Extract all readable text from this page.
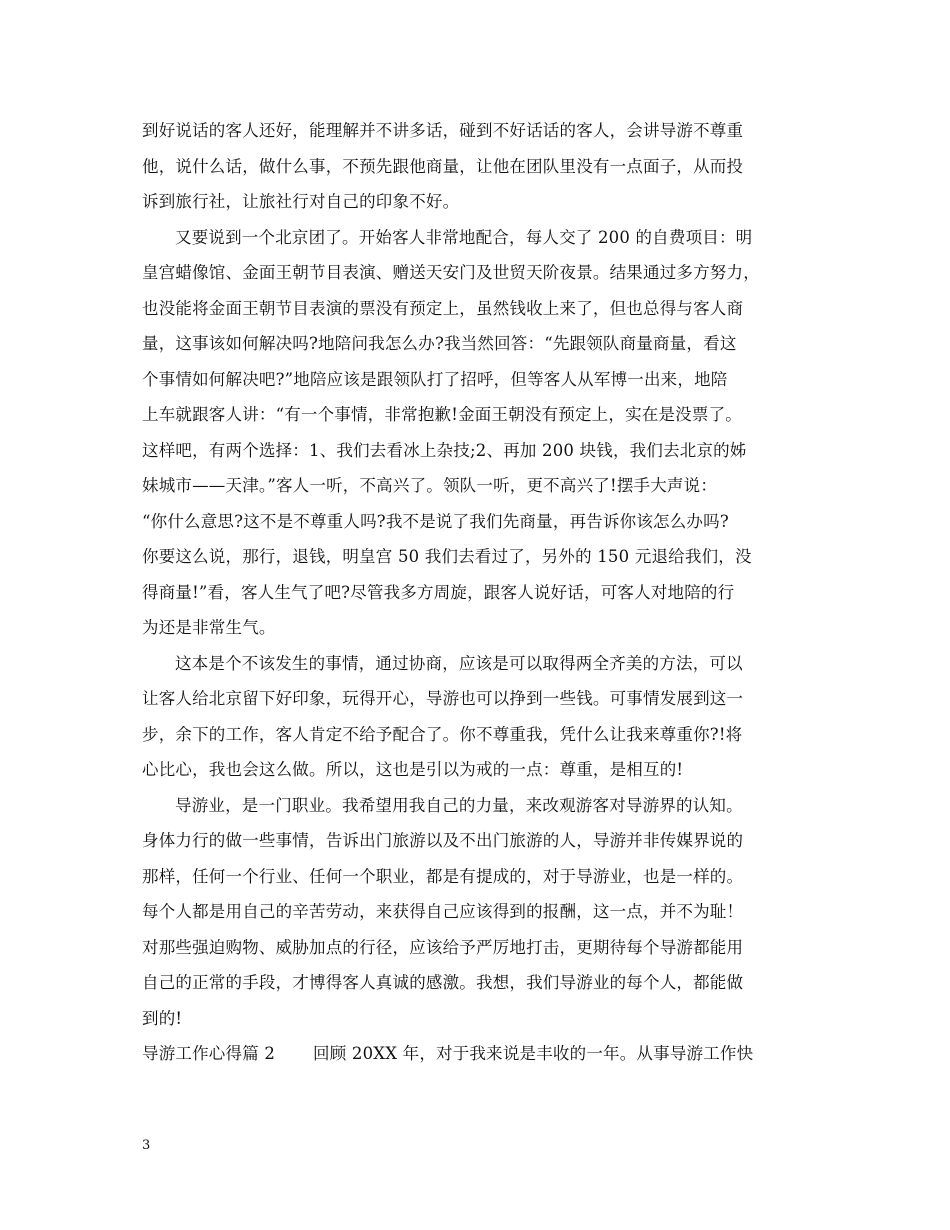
到好说话的客人还好，能理解并不讲多话，碰到不好话话的客人，会讲导游不尊重
他，说什么话，做什么事，不预先跟他商量，让他在团队里没有一点面子，从而投
诉到旅行社，让旅社行对自己的印象不好。
又要说到一个北京团了。开始客人非常地配合，每人交了 200 的自费项目：明
皇宫蜡像馆、金面王朝节目表演、赠送天安门及世贸天阶夜景。结果通过多方努力，
也没能将金面王朝节目表演的票没有预定上，虽然钱收上来了，但也总得与客人商
量，这事该如何解决吗?地陪问我怎么办?我当然回答：“先跟领队商量商量，看这
个事情如何解决吧?”地陪应该是跟领队打了招呼，但等客人从军博一出来，地陪
上车就跟客人讲：“有一个事情，非常抱歉!金面王朝没有预定上，实在是没票了。
这样吧，有两个选择：1、我们去看冰上杂技;2、再加 200 块钱，我们去北京的姊
妹城市——天津。”客人一听，不高兴了。领队一听，更不高兴了!摆手大声说：
“你什么意思?这不是不尊重人吗?我不是说了我们先商量，再告诉你该怎么办吗?
你要这么说，那行，退钱，明皇宫 50 我们去看过了，另外的 150 元退给我们，没
得商量!”看，客人生气了吧?尽管我多方周旋，跟客人说好话，可客人对地陪的行
为还是非常生气。
这本是个不该发生的事情，通过协商，应该是可以取得两全齐美的方法，可以
让客人给北京留下好印象，玩得开心，导游也可以挣到一些钱。可事情发展到这一
步，余下的工作，客人肯定不给予配合了。你不尊重我，凭什么让我来尊重你?!将
心比心，我也会这么做。所以，这也是引以为戒的一点：尊重，是相互的!
导游业，是一门职业。我希望用我自己的力量，来改观游客对导游界的认知。
身体力行的做一些事情，告诉出门旅游以及不出门旅游的人，导游并非传媒界说的
那样，任何一个行业、任何一个职业，都是有提成的，对于导游业，也是一样的。
每个人都是用自己的辛苦劳动，来获得自己应该得到的报酬，这一点，并不为耻！
对那些强迫购物、威胁加点的行径，应该给予严厉地打击，更期待每个导游都能用
自己的正常的手段，才博得客人真诚的感激。我想，我们导游业的每个人，都能做
到的!
导游工作心得篇 2 回顾 20XX 年，对于我来说是丰收的一年。从事导游工作快
3
